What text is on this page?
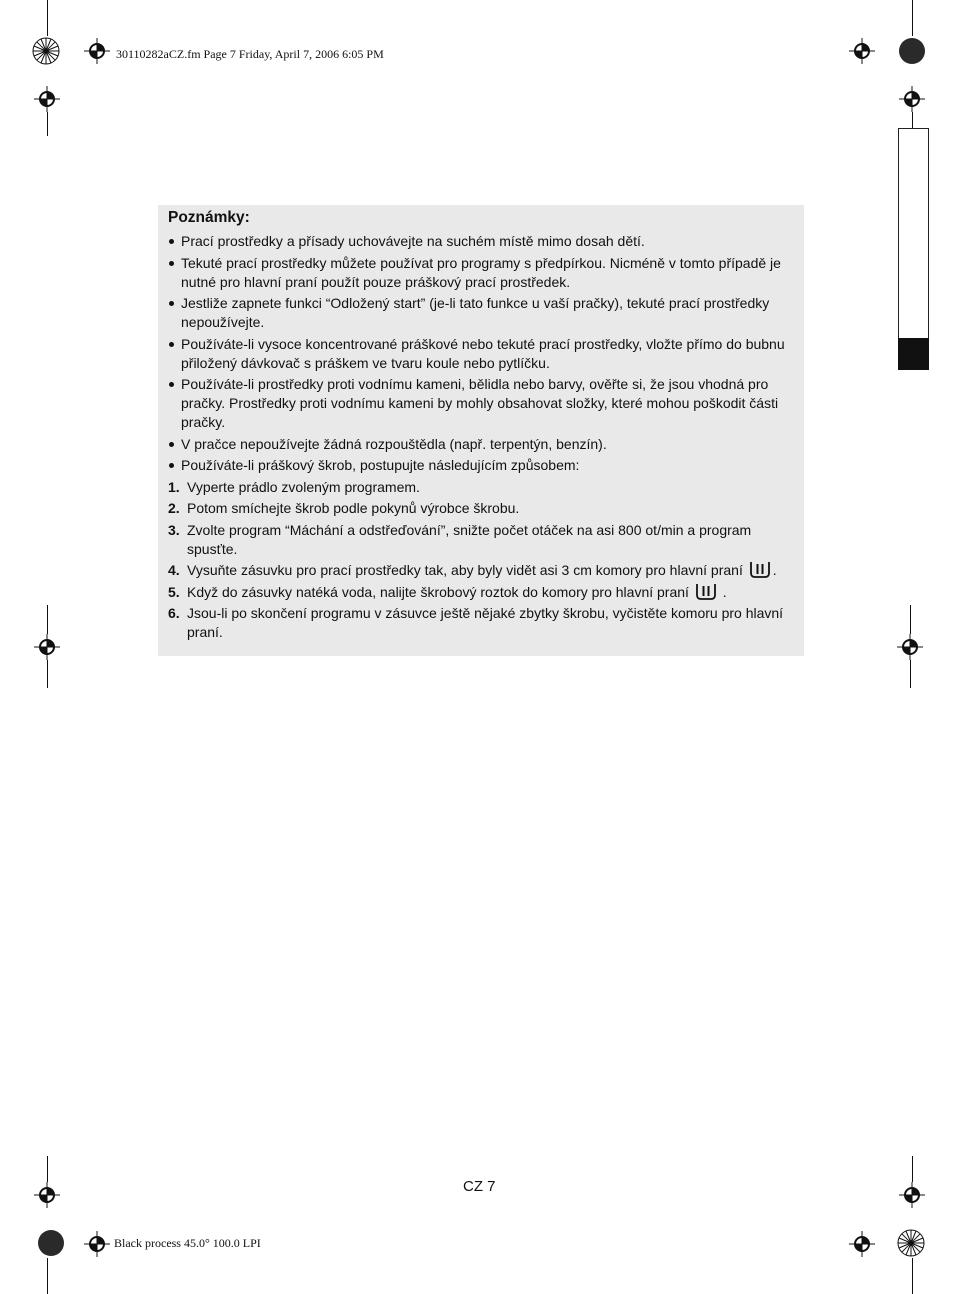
30110282aCZ.fm Page 7 Friday, April 7, 2006 6:05 PM
Poznámky:
Prací prostředky a přísady uchovávejte na suchém místě mimo dosah dětí.
Tekuté prací prostředky můžete používat pro programy s předpírkou. Nicméně v tomto případě je nutné pro hlavní praní použít pouze práškový prací prostředek.
Jestliže zapnete funkci “Odložený start” (je-li tato funkce u vaší pračky), tekuté prací prostředky nepoužívejte.
Používáte-li vysoce koncentrované práškové nebo tekuté prací prostředky, vložte přímo do bubnu přiložený dávkovač s práškem ve tvaru koule nebo pytlíčku.
Používáte-li prostředky proti vodnímu kameni, bělidla nebo barvy, ověřte si, že jsou vhodná pro pračky. Prostředky proti vodnímu kameni by mohly obsahovat složky, které mohou poškodit části pračky.
V pračce nepoužívejte žádná rozpouštědla (např. terpentýn, benzín).
Používáte-li práškový škrob, postupujte následujícím způsobem:
1. Vyperte prádlo zvoleným programem.
2. Potom smíchejte škrob podle pokynů výrobce škrobu.
3. Zvolte program “Máchání a odstřeďování”, snižte počet otáček na asi 800 ot/min a program spusťte.
4. Vysuňte zásuvku pro prací prostředky tak, aby byly vidět asi 3 cm komory pro hlavní praní .
5. Když do zásuvky natéká voda, nalijte škrobový roztok do komory pro hlavní praní
.
6. Jsou-li po skončení programu v zásuvce ještě nějaké zbytky škrobu, vyčistěte komoru pro hlavní praní.
CZ 7
Black process 45.0° 100.0 LPI
